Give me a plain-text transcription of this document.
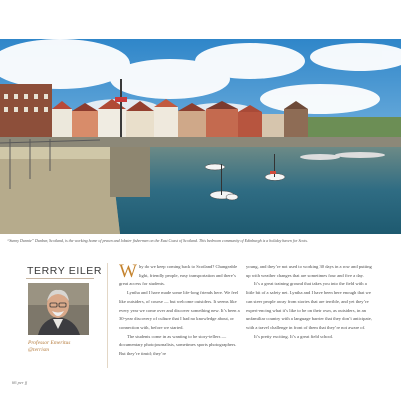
“Sunny Dunnie” Dunbar, Scotland, is the working home of prawn and lobster fishermen on the East Coast of Scotland. This bedroom community of Edinburgh is a holiday haven for Scots.
TERRY EILER
Professor Emeritus
@terrism

Why do we keep coming back to Scotland? Changeable light, friendly people, easy transportation and there’s great access for students.

Lyntha and I have made some life-long friends here. We feel like outsiders, of course — but welcome outsiders. It seems like every year we come over and discover something new. It’s been a 30-year discovery of culture that I had no knowledge about, or connection with, before we started.

The students come in as wanting to be story-tellers — documentary photojournalists, sometimes sports photographers. But they’re timid; they’re

young, and they’re not used to working 30 days in a row and putting up with weather changes that are sometimes four and five a day.

It’s a great training ground that takes you into the field with a little bit of a safety net. Lyntha and I have been here enough that we can steer people away from stories that are terrible, and yet they’re experi-encing what it’s like to be on their own, as outsiders, in an unfamiliar country with a language barrier that they don’t anticipate, with a travel challenge in front of them that they’re not aware of.

It’s pretty exciting. It’s a great field school.

66 per fj
